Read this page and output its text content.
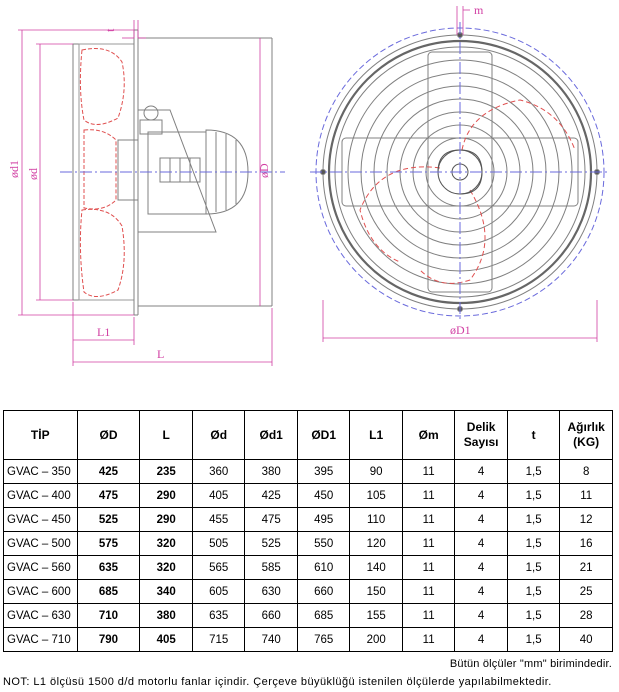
ød1 ød	øD
L1
L
t
øD1
m
TİP	ØD	L	Ød	Ød1	ØD1	L1	Øm	Delik Sayısı	t	Ağırlık (KG)
GVAC – 350	425	235	360	380	395	90	11	4	1,5	8
GVAC – 400	475	290	405	425	450	105	11	4	1,5	11
GVAC – 450	525	290	455	475	495	110	11	4	1,5	12
GVAC – 500	575	320	505	525	550	120	11	4	1,5	16
GVAC – 560	635	320	565	585	610	140	11	4	1,5	21
GVAC – 600	685	340	605	630	660	150	11	4	1,5	25
GVAC – 630	710	380	635	660	685	155	11	4	1,5	28
GVAC – 710	790	405	715	740	765	200	11	4	1,5	40
Bütün ölçüler "mm" birimindedir.
NOT: L1 ölçüsü 1500 d/d motorlu fanlar içindir. Çerçeve büyüklüğü istenilen ölçülerde yapılabilmektedir.
